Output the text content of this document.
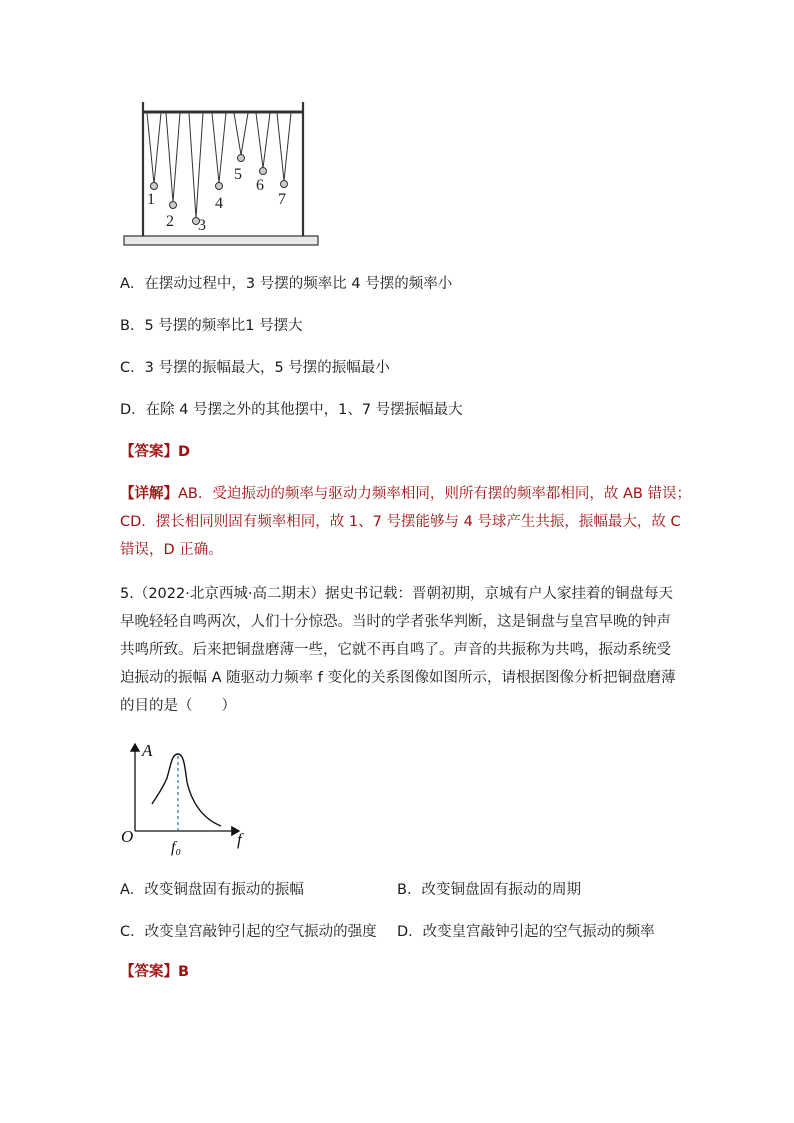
1
2 3
4
5
6
7
A．在摆动过程中，3 号摆的频率比 4 号摆的频率小
B．5 号摆的频率比1 号摆大
C．3 号摆的振幅最大，5 号摆的振幅最小
D．在除 4 号摆之外的其他摆中，1、7 号摆振幅最大
【答案】D
【详解】AB．受迫振动的频率与驱动力频率相同，则所有摆的频率都相同，故 AB 错误；
CD．摆长相同则固有频率相同，故 1、7 号摆能够与 4 号球产生共振，振幅最大，故 C
错误，D 正确。
5.（2022·北京西城·高二期末）据史书记载：晋朝初期，京城有户人家挂着的铜盘每天
早晚轻轻自鸣两次，人们十分惊恐。当时的学者张华判断，这是铜盘与皇宫早晚的钟声
共鸣所致。后来把铜盘磨薄一些，它就不再自鸣了。声音的共振称为共鸣，振动系统受
迫振动的振幅 A 随驱动力频率 f 变化的关系图像如图所示，请根据图像分析把铜盘磨薄
的目的是（　　）
A
f
O
f₀
A．改变铜盘固有振动的振幅	B．改变铜盘固有振动的周期
C．改变皇宫敲钟引起的空气振动的强度 D．改变皇宫敲钟引起的空气振动的频率
【答案】B
